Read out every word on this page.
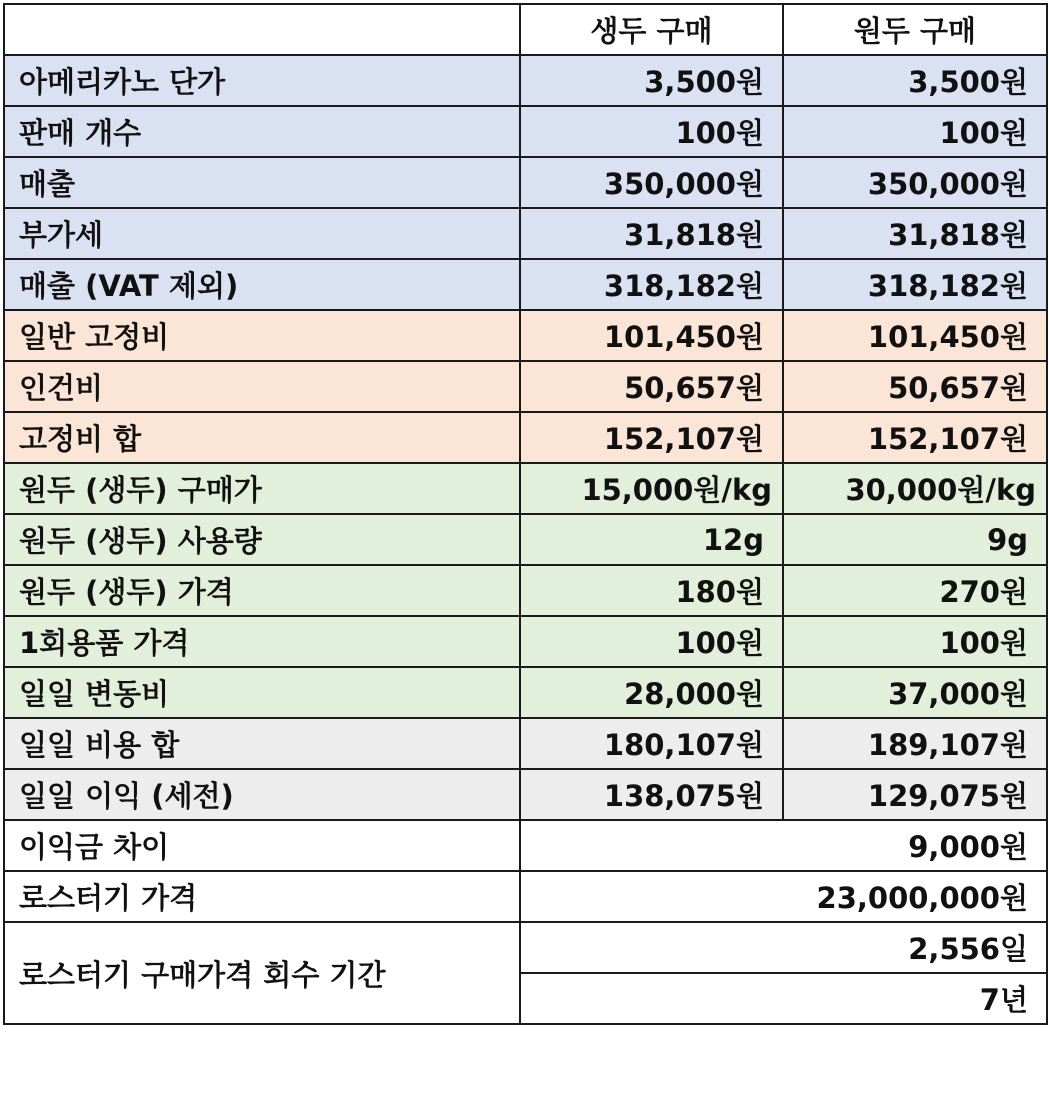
	생두 구매	원두 구매
아메리카노 단가	3,500원	3,500원
판매 개수	100원	100원
매출	350,000원	350,000원
부가세	31,818원	31,818원
매출 (VAT 제외)	318,182원	318,182원
일반 고정비	101,450원	101,450원
인건비	50,657원	50,657원
고정비 합	152,107원	152,107원
원두 (생두) 구매가	15,000원/kg	30,000원/kg
원두 (생두) 사용량	12g	9g
원두 (생두) 가격	180원	270원
1회용품 가격	100원	100원
일일 변동비	28,000원	37,000원
일일 비용 합	180,107원	189,107원
일일 이익 (세전)	138,075원	129,075원
이익금 차이	9,000원	
로스터기 가격	23,000,000원	
로스터기 구매가격 회수 기간	2,556일	
	7년	
